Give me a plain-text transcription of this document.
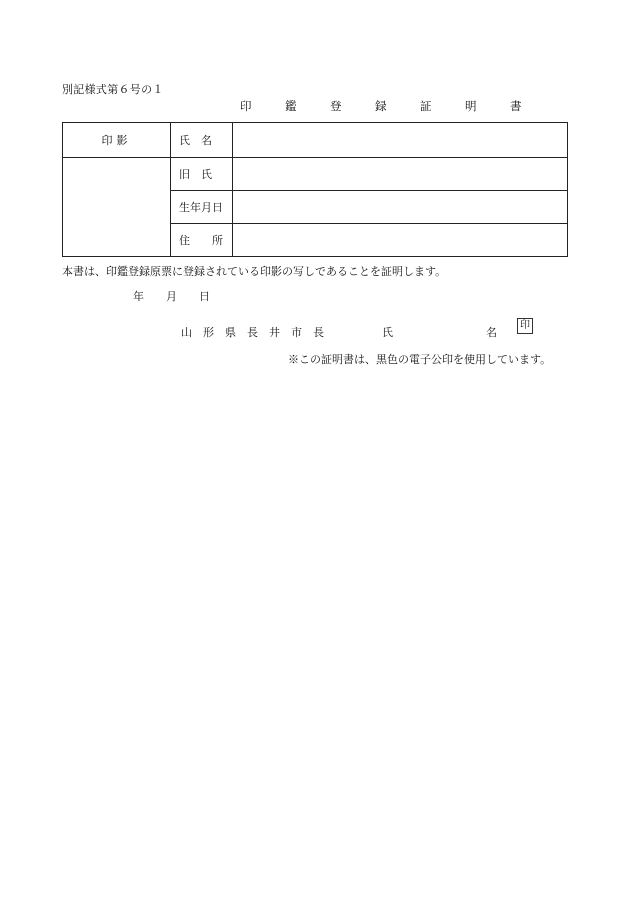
別記様式第６号の１
印　鑑　登　録　証　明　書
印影	氏　名	
	旧　氏	
	生年月日	
	住　　所	
本書は、印鑑登録原票に登録されている印影の写しであることを証明します。
年　　月　　日
山　形　県　長　井　市　長	氏	名
印
※この証明書は、黒色の電子公印を使用しています。
